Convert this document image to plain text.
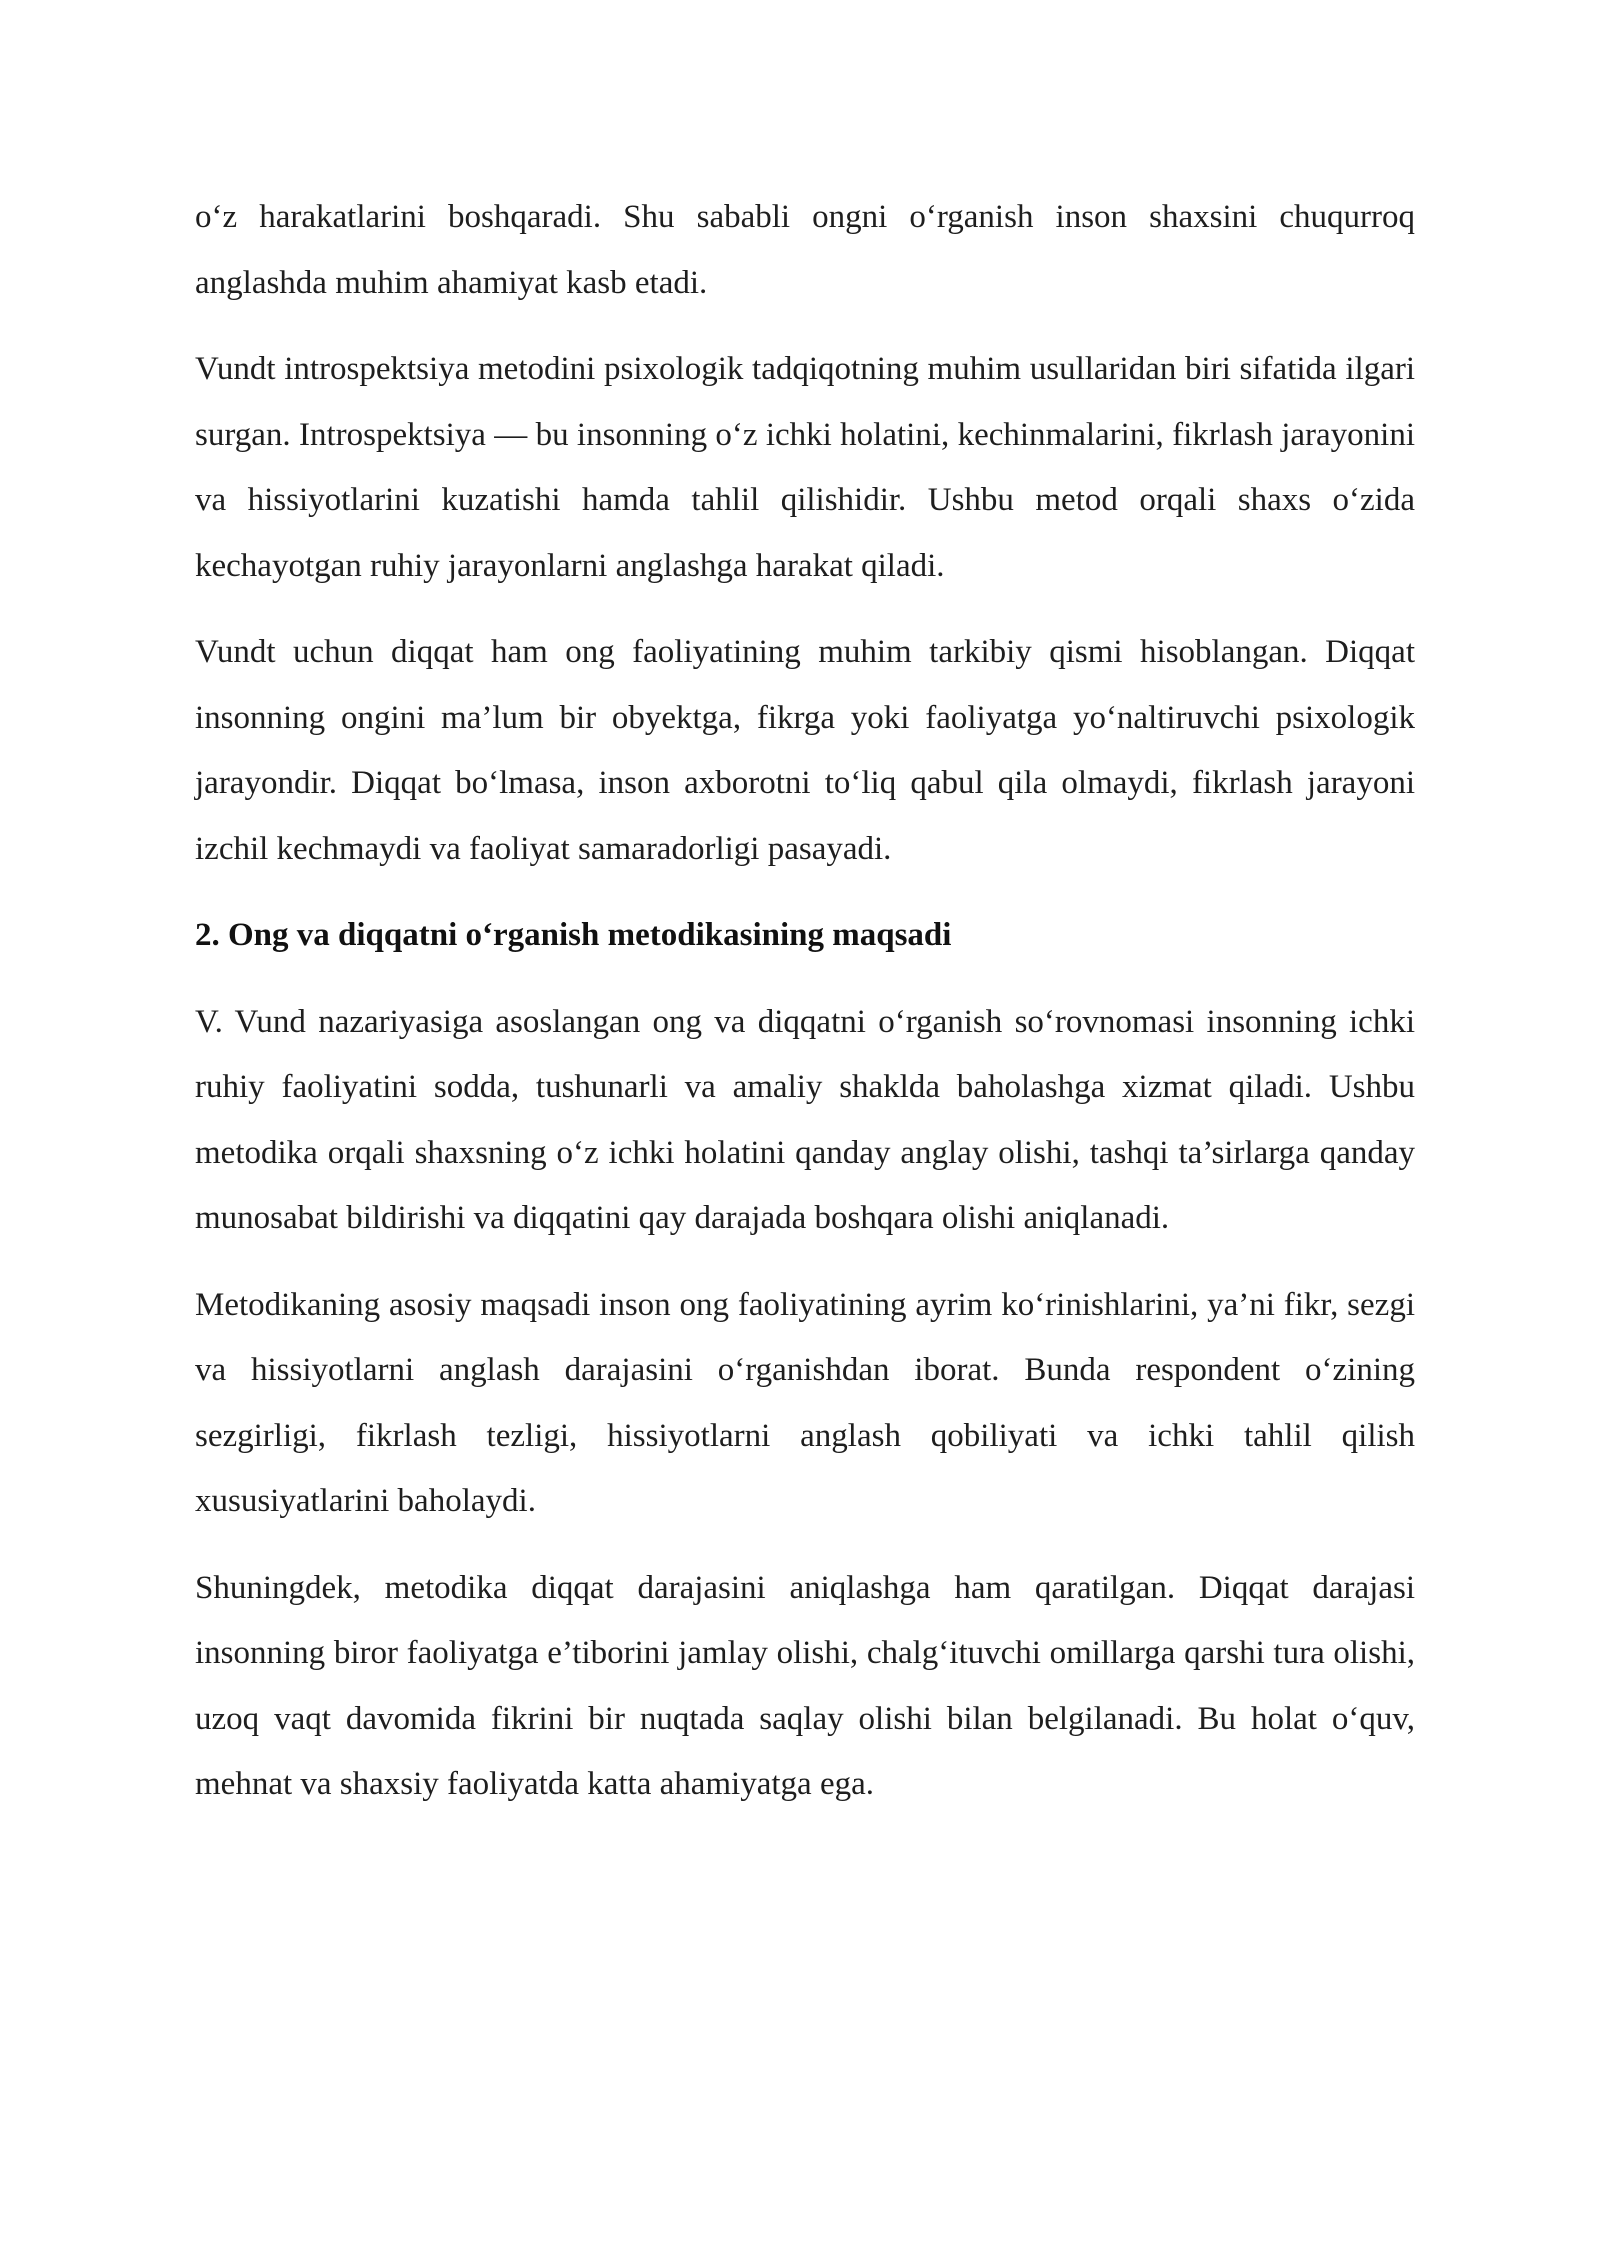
o‘z harakatlarini boshqaradi. Shu sababli ongni o‘rganish inson shaxsini chuqurroq anglashda muhim ahamiyat kasb etadi.

Vundt introspektsiya metodini psixologik tadqiqotning muhim usullaridan biri sifatida ilgari surgan. Introspektsiya — bu insonning o‘z ichki holatini, kechinmalarini, fikrlash jarayonini va hissiyotlarini kuzatishi hamda tahlil qilishidir. Ushbu metod orqali shaxs o‘zida kechayotgan ruhiy jarayonlarni anglashga harakat qiladi.

Vundt uchun diqqat ham ong faoliyatining muhim tarkibiy qismi hisoblangan. Diqqat insonning ongini ma’lum bir obyektga, fikrga yoki faoliyatga yo‘naltiruvchi psixologik jarayondir. Diqqat bo‘lmasa, inson axborotni to‘liq qabul qila olmaydi, fikrlash jarayoni izchil kechmaydi va faoliyat samaradorligi pasayadi.

2. Ong va diqqatni o‘rganish metodikasining maqsadi

V. Vund nazariyasiga asoslangan ong va diqqatni o‘rganish so‘rovnomasi insonning ichki ruhiy faoliyatini sodda, tushunarli va amaliy shaklda baholashga xizmat qiladi. Ushbu metodika orqali shaxsning o‘z ichki holatini qanday anglay olishi, tashqi ta’sirlarga qanday munosabat bildirishi va diqqatini qay darajada boshqara olishi aniqlanadi.

Metodikaning asosiy maqsadi inson ong faoliyatining ayrim ko‘rinishlarini, ya’ni fikr, sezgi va hissiyotlarni anglash darajasini o‘rganishdan iborat. Bunda respondent o‘zining sezgirligi, fikrlash tezligi, hissiyotlarni anglash qobiliyati va ichki tahlil qilish xususiyatlarini baholaydi.

Shuningdek, metodika diqqat darajasini aniqlashga ham qaratilgan. Diqqat darajasi insonning biror faoliyatga e’tiborini jamlay olishi, chalg‘ituvchi omillarga qarshi tura olishi, uzoq vaqt davomida fikrini bir nuqtada saqlay olishi bilan belgilanadi. Bu holat o‘quv, mehnat va shaxsiy faoliyatda katta ahamiyatga ega.
